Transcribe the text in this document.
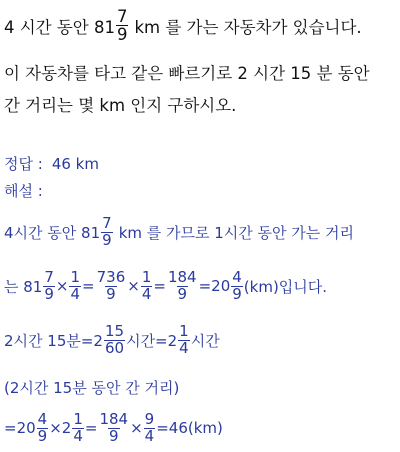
4 시간 동안 $81 \frac{7}{9}$ km 를 가는 자동차가 있습니다.
이 자동차를 타고 같은 빠르기로 2 시간 15 분 동안
간 거리는 몇 km 인지 구하시오.
정답 : 46 km
해설 :
4시간 동안 $81 \frac{7}{9}$ km 를 가므로 1시간 동안 가는 거리
는 $81 \frac{7}{9} \times \frac{1}{4} = \frac{736}{9} \times \frac{1}{4} = \frac{184}{9} =20 \frac{4}{9} (km)$입니다.
2시간 15분$=2 \frac{15}{60}$ 시간$=2 \frac{1}{4}$ 시간
(2시간 15분 동안 간 거리)
$=20 \frac{4}{9} \times 2 \frac{1}{4} = \frac{184}{9} \times \frac{9}{4} =46(km)$
